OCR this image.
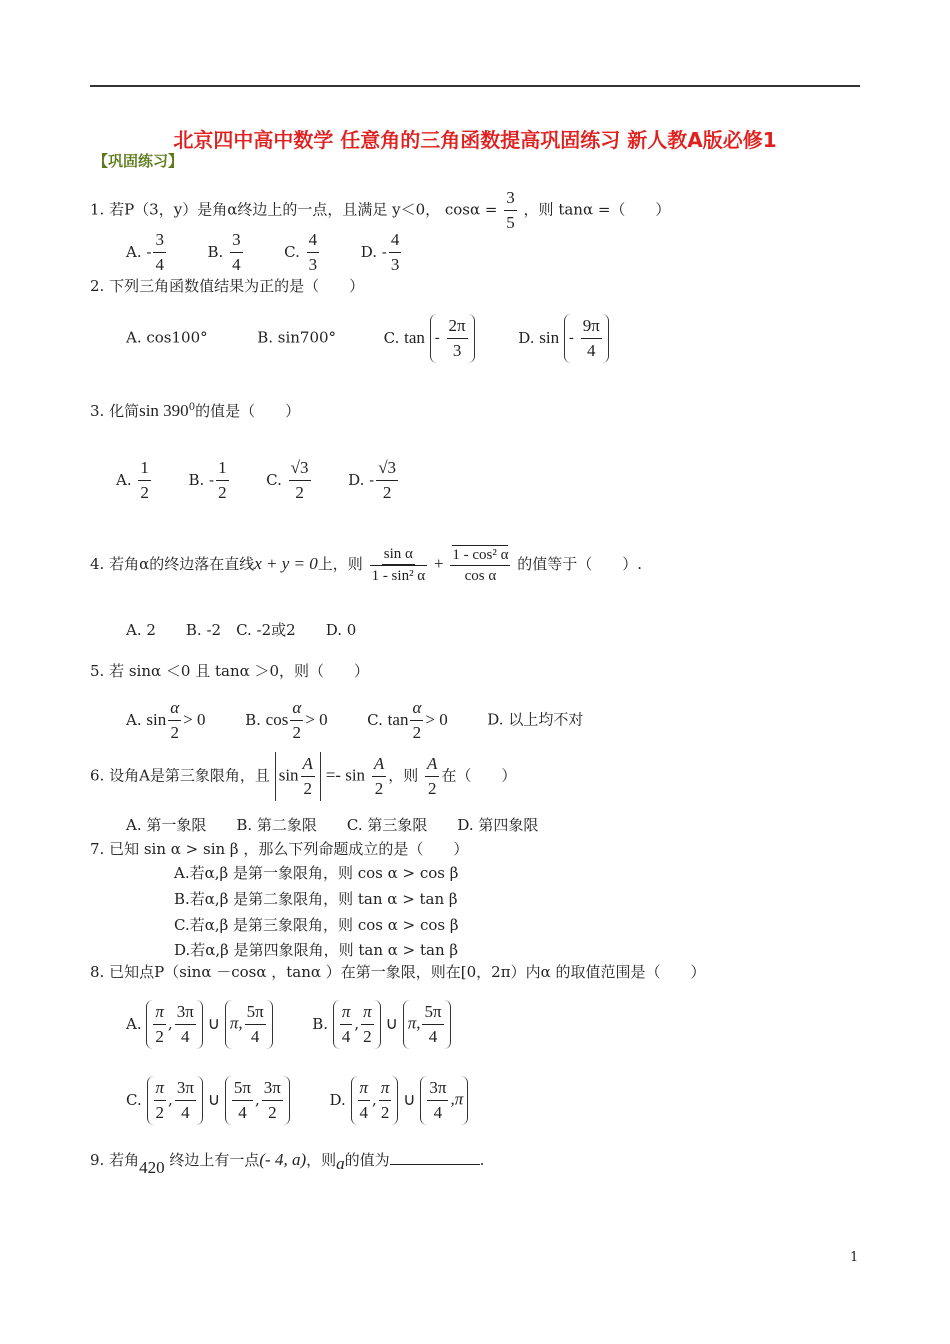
北京四中高中数学 任意角的三角函数提高巩固练习 新人教A版必修1
【巩固练习】
1. 若P（3，y）是角α终边上的一点，且满足 y＜0， $\cos\alpha = \frac{3}{5}$ ，则 tanα =（　　）
A. - $\frac{3}{4}$	B. $\frac{3}{4}$	C. $\frac{4}{3}$	D. - $\frac{4}{3}$
2. 下列三角函数值结果为正的是（　　）
A. cos100°	B. sin700°	C. tan - $\frac{2\pi}{3}$	D. sin - $\frac{9\pi}{4}$
3. 化简$\sin 390^0$的值是（　　）
A. $\frac{1}{2}$	B. - $\frac{1}{2}$	C. $\frac{√3}{2}$	D. - $\frac{√3}{2}$
4. 若角α的终边落在直线x + y = 0上，则 $\frac{\text{sin α}}{\text{1 - sin² α}} + \frac{\text{1 - cos² α}}{\text{cos α}}$ 的值等于（　　）.
A. 2　　B. -2　C. -2或2　　D. 0
5. 若 sinα ＜0 且 tanα ＞0，则（　　）
A. $\sin \frac{\alpha}{2} > 0$	B. $\cos \frac{\alpha}{2} > 0$	C. $\tan \frac{\alpha}{2} > 0$	D. 以上均不对
6. 设角A是第三象限角，且 $\sin \frac{A}{2} =- \sin \frac{A}{2}$ ，则 $\frac{A}{2}$ 在（　　）
A. 第一象限　　B. 第二象限　　C. 第三象限　　D. 第四象限
7. 已知 sin α > sin β ，那么下列命题成立的是（　　）
A.若α,β 是第一象限角，则 cos α > cos β
B.若α,β 是第二象限角，则 tan α > tan β
C.若α,β 是第三象限角，则 cos α > cos β
D.若α,β 是第四象限角，则 tan α > tan β
8. 已知点P（sinα －cosα ，tanα ）在第一象限，则在[0，2π）内α 的取值范围是（　　）
A. $\frac{\pi}{2}$ , $\frac{3\pi}{4}$ ∪ π, $\frac{5\pi}{4}$	B. $\frac{\pi}{4}$ , $\frac{\pi}{2}$ ∪ π, $\frac{5\pi}{4}$
C. $\frac{\pi}{2}$ , $\frac{3\pi}{4}$ ∪ $\frac{5\pi}{4}$ , $\frac{3\pi}{2}$	D. $\frac{\pi}{4}$ , $\frac{\pi}{2}$ ∪ $\frac{3\pi}{4} ,\pi$
9. 若角420 终边上有一点(- 4, a)，则a的值为	.
1
